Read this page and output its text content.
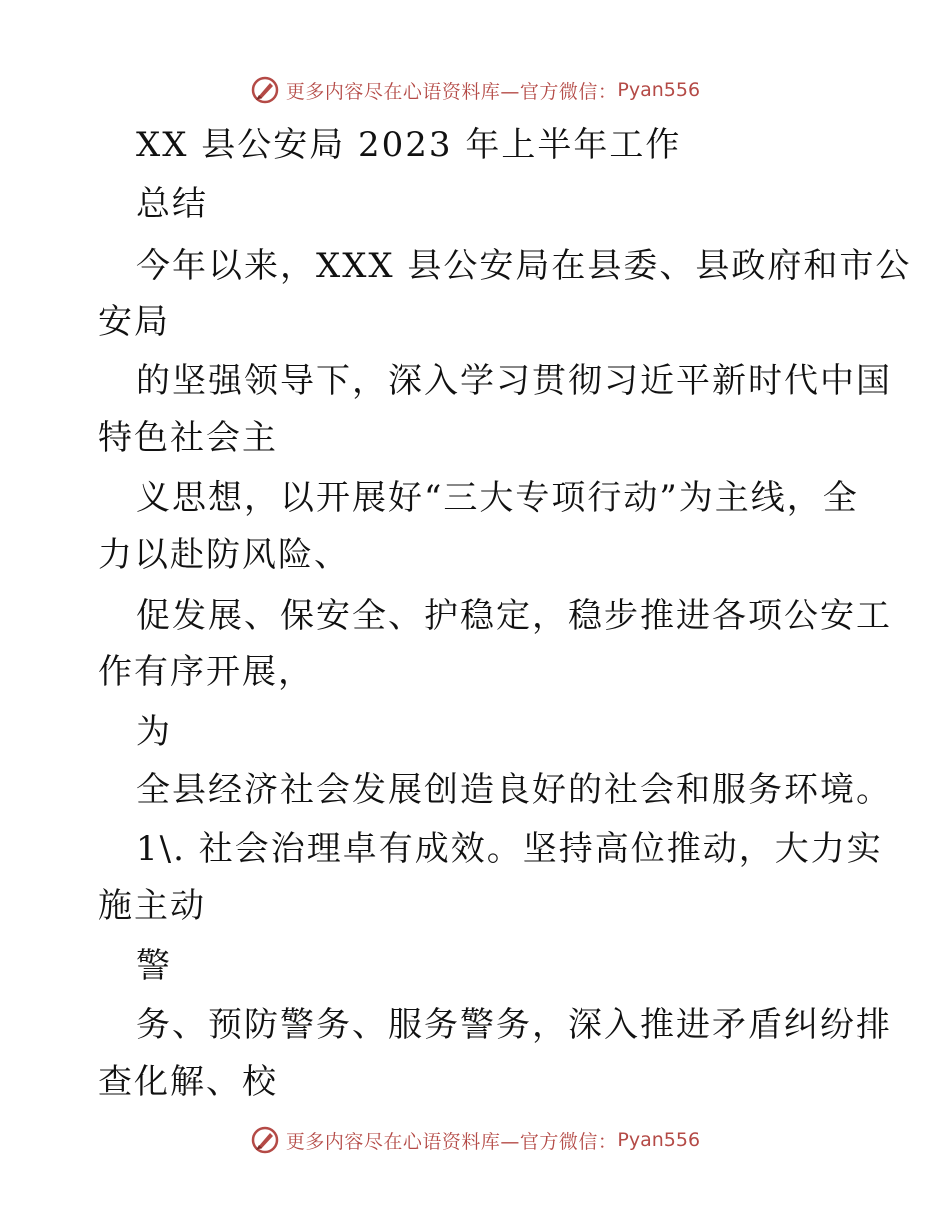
更多内容尽在心语资料库—官方微信： Pyan556
XX 县公安局 2023 年上半年工作
总结
今年以来，XXX 县公安局在县委、县政府和市公
安局
的坚强领导下，深入学习贯彻习近平新时代中国
特色社会主
义思想，以开展好“三大专项行动”为主线，全
力以赴防风险、
促发展、保安全、护稳定，稳步推进各项公安工
作有序开展，
为
全县经济社会发展创造良好的社会和服务环境。
1\. 社会治理卓有成效。坚持高位推动，大力实
施主动
警
务、预防警务、服务警务，深入推进矛盾纠纷排
查化解、校
更多内容尽在心语资料库—官方微信： Pyan556
